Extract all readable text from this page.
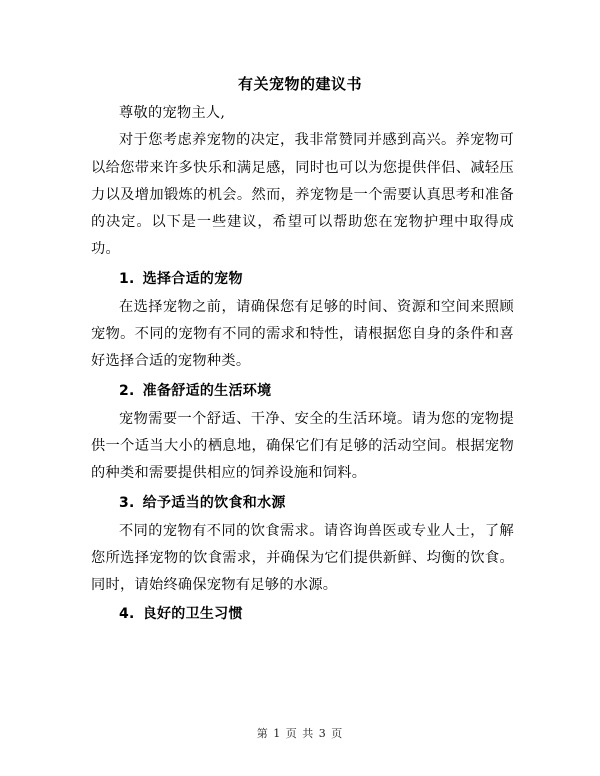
有关宠物的建议书

尊敬的宠物主人,

对于您考虑养宠物的决定，我非常赞同并感到高兴。养宠物可以给您带来许多快乐和满足感，同时也可以为您提供伴侣、减轻压力以及增加锻炼的机会。然而，养宠物是一个需要认真思考和准备的决定。以下是一些建议，希望可以帮助您在宠物护理中取得成功。

1. 选择合适的宠物

在选择宠物之前，请确保您有足够的时间、资源和空间来照顾宠物。不同的宠物有不同的需求和特性，请根据您自身的条件和喜好选择合适的宠物种类。

2. 准备舒适的生活环境

宠物需要一个舒适、干净、安全的生活环境。请为您的宠物提供一个适当大小的栖息地，确保它们有足够的活动空间。根据宠物的种类和需要提供相应的饲养设施和饲料。

3. 给予适当的饮食和水源

不同的宠物有不同的饮食需求。请咨询兽医或专业人士，了解您所选择宠物的饮食需求，并确保为它们提供新鲜、均衡的饮食。同时，请始终确保宠物有足够的水源。

4. 良好的卫生习惯
第 1 页 共 3 页
